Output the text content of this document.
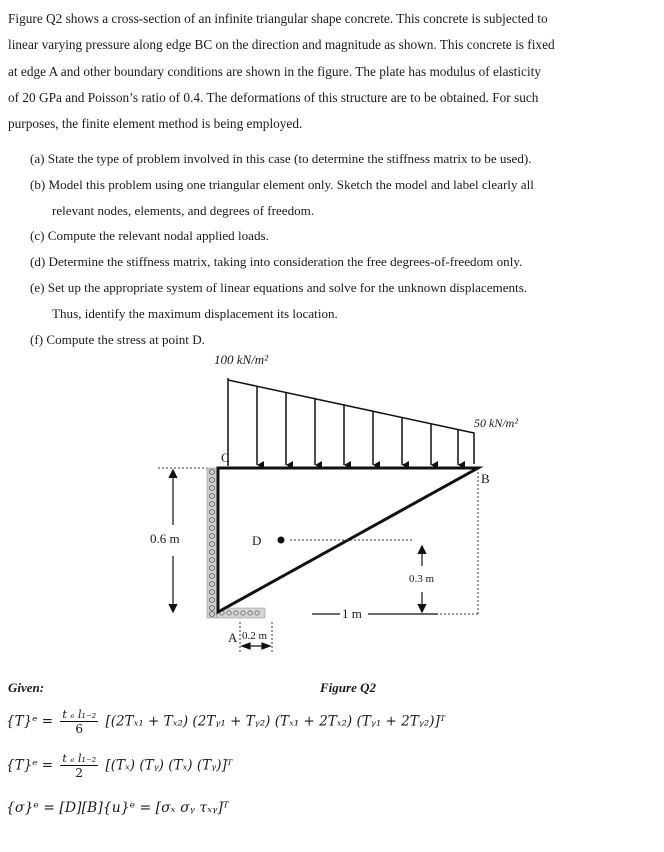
Figure Q2 shows a cross-section of an infinite triangular shape concrete. This concrete is subjected to
linear varying pressure along edge BC on the direction and magnitude as shown. This concrete is fixed
at edge A and other boundary conditions are shown in the figure. The plate has modulus of elasticity
of 20 GPa and Poisson’s ratio of 0.4. The deformations of this structure are to be obtained. For such
purposes, the finite element method is being employed.
(a) State the type of problem involved in this case (to determine the stiffness matrix to be used).
(b) Model this problem using one triangular element only. Sketch the model and label clearly all
relevant nodes, elements, and degrees of freedom.
(c) Compute the relevant nodal applied loads.
(d) Determine the stiffness matrix, taking into consideration the free degrees-of-freedom only.
(e) Set up the appropriate system of linear equations and solve for the unknown displacements.
Thus, identify the maximum displacement its location.
(f) Compute the stress at point D.
100 kN/m²
50 kN/m²
C
B
A
D
0.6 m
1 m
0.3 m
0.2 m
Given:	Figure Q2
{T}ᵉ = $\frac{\text{t ₑ l₁₋₂}}{6} [(2T_{x1} + T_{x2})$ (2Tᵧ₁ + Tᵧ₂) (Tₓ₁ + 2Tₓ₂) (Tᵧ₁ + 2Tᵧ₂)]ᵀ
{T}ᵉ = $\frac{\text{t ₑ l₁₋₂}}{2} [(T_x)$ (Tᵧ) (Tₓ) (Tᵧ)]ᵀ
{σ}ᵉ = [D][B]{u}ᵉ = [σₓ σᵧ τₓᵧ]ᵀ
